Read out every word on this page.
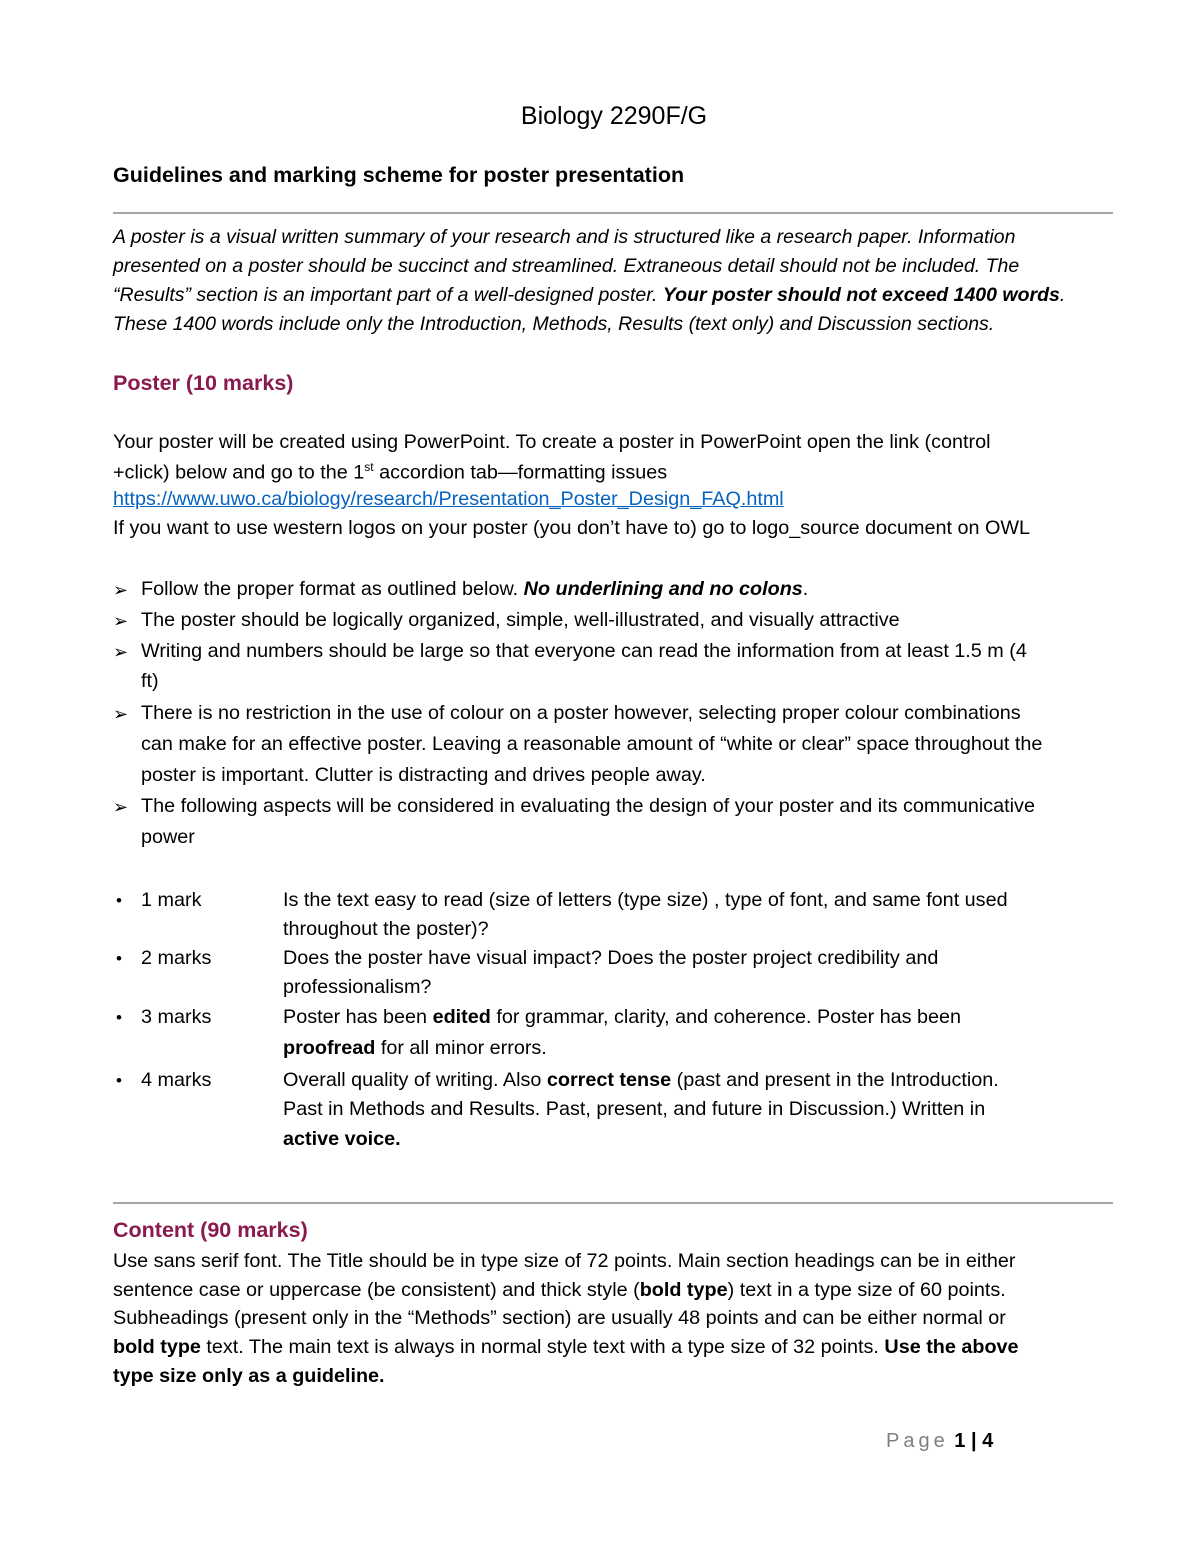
Biology 2290F/G
Guidelines and marking scheme for poster presentation
A poster is a visual written summary of your research and is structured like a research paper. Information
presented on a poster should be succinct and streamlined. Extraneous detail should not be included. The
“Results” section is an important part of a well-designed poster. Your poster should not exceed 1400 words.
These 1400 words include only the Introduction, Methods, Results (text only) and Discussion sections.
Poster (10 marks)
Your poster will be created using PowerPoint. To create a poster in PowerPoint open the link (control
+click) below and go to the 1st accordion tab—formatting issues
https://www.uwo.ca/biology/research/Presentation_Poster_Design_FAQ.html
If you want to use western logos on your poster (you don’t have to) go to logo_source document on OWL
➢ Follow the proper format as outlined below. No underlining and no colons.
➢ The poster should be logically organized, simple, well-illustrated, and visually attractive
➢ Writing and numbers should be large so that everyone can read the information from at least 1.5 m (4
ft)
➢ There is no restriction in the use of colour on a poster however, selecting proper colour combinations
can make for an effective poster. Leaving a reasonable amount of “white or clear” space throughout the
poster is important. Clutter is distracting and drives people away.
➢ The following aspects will be considered in evaluating the design of your poster and its communicative
power
• 1 mark	Is the text easy to read (size of letters (type size) , type of font, and same font used
throughout the poster)?
• 2 marks	Does the poster have visual impact? Does the poster project credibility and
professionalism?
• 3 marks	Poster has been edited for grammar, clarity, and coherence. Poster has been
proofread for all minor errors.
• 4 marks	Overall quality of writing. Also correct tense (past and present in the Introduction.
Past in Methods and Results. Past, present, and future in Discussion.) Written in
active voice.
Content (90 marks)
Use sans serif font. The Title should be in type size of 72 points. Main section headings can be in either
sentence case or uppercase (be consistent) and thick style (bold type) text in a type size of 60 points.
Subheadings (present only in the “Methods” section) are usually 48 points and can be either normal or
bold type text. The main text is always in normal style text with a type size of 32 points. Use the above
type size only as a guideline.
Page 1 | 4
